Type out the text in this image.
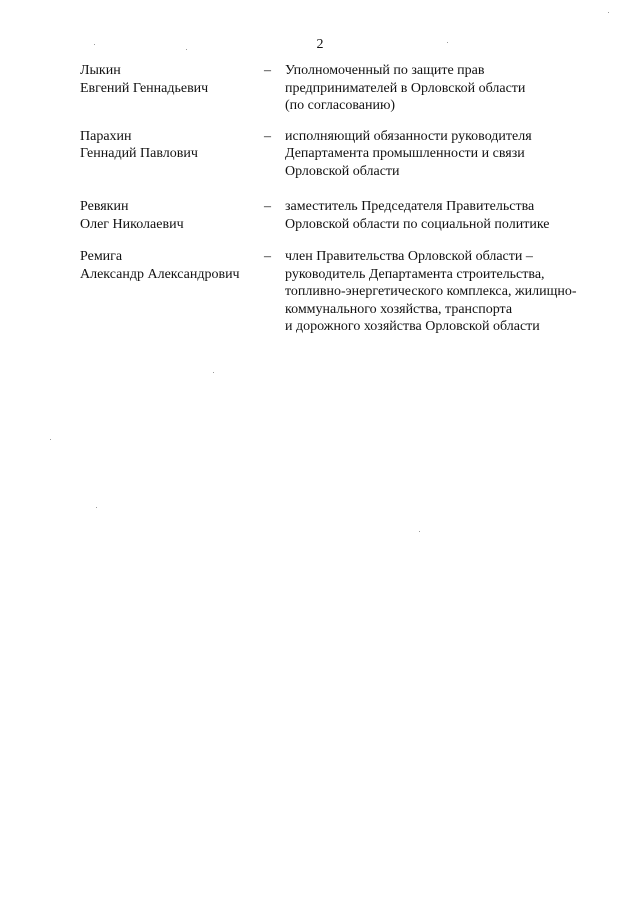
2
Лыкин
Евгений Геннадьевич
–	Уполномоченный по защите прав
предпринимателей в Орловской области
(по согласованию)
Парахин
Геннадий Павлович
–	исполняющий обязанности руководителя
Департамента промышленности и связи
Орловской области
Ревякин
Олег Николаевич
–	заместитель Председателя Правительства
Орловской области по социальной политике
Ремига
Александр Александрович
–	член Правительства Орловской области –
руководитель Департамента строительства,
топливно-энергетического комплекса, жилищно-
коммунального хозяйства, транспорта
и дорожного хозяйства Орловской области
